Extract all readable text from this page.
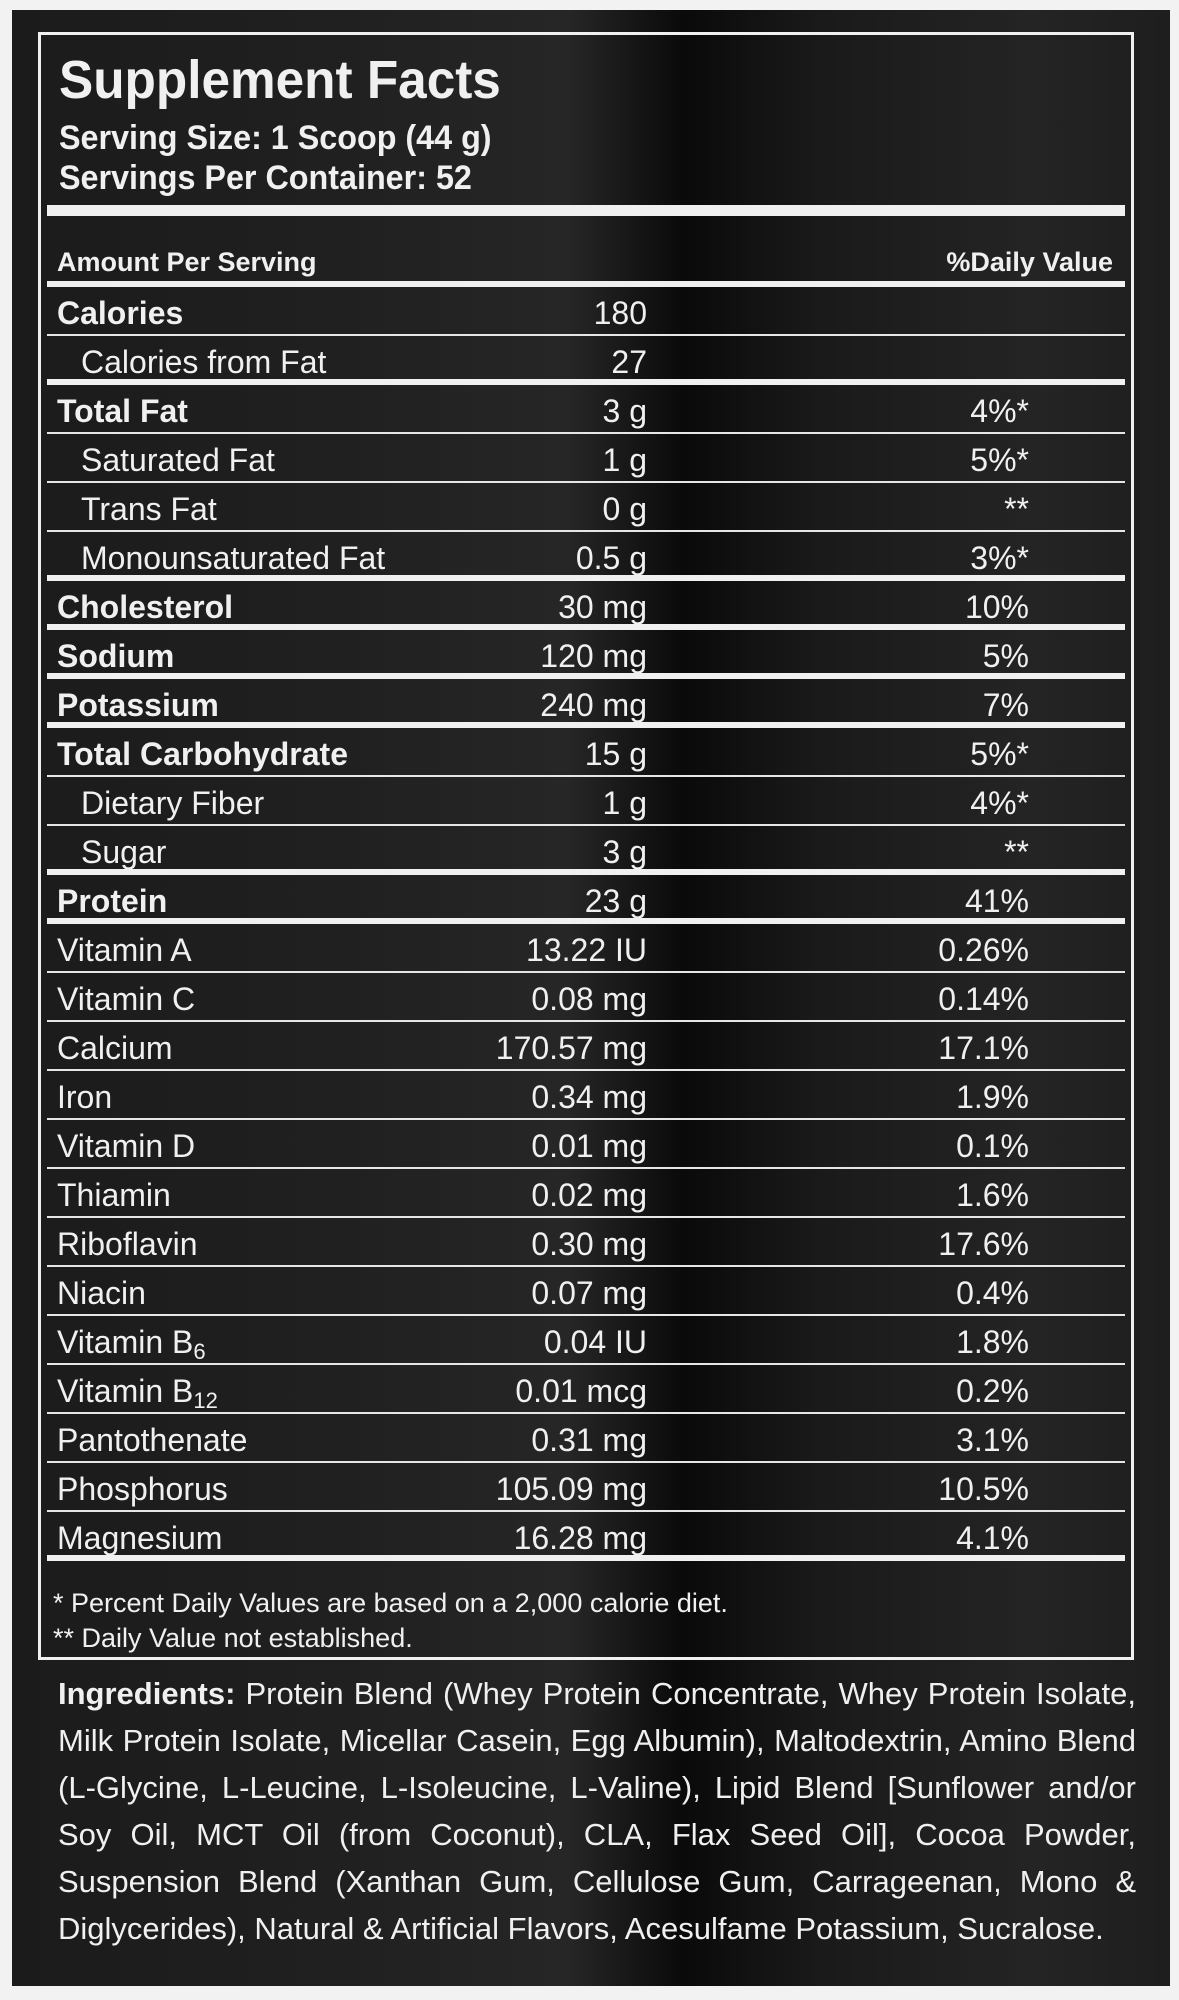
Supplement Facts
Serving Size: 1 Scoop (44 g)
Servings Per Container: 52
Amount Per Serving	%Daily Value
Calories	180
Calories from Fat	27
Total Fat	3 g	4%*
Saturated Fat	1 g	5%*
Trans Fat	0 g	**
Monounsaturated Fat	0.5 g	3%*
Cholesterol	30 mg	10%
Sodium	120 mg	5%
Potassium	240 mg	7%
Total Carbohydrate	15 g	5%*
Dietary Fiber	1 g	4%*
Sugar	3 g	**
Protein	23 g	41%
Vitamin A	13.22 IU	0.26%
Vitamin C	0.08 mg	0.14%
Calcium	170.57 mg	17.1%
Iron	0.34 mg	1.9%
Vitamin D	0.01 mg	0.1%
Thiamin	0.02 mg	1.6%
Riboflavin	0.30 mg	17.6%
Niacin	0.07 mg	0.4%
Vitamin $B_6$	0.04 IU	1.8%
Vitamin $B_{12}$	0.01 mcg	0.2%
Pantothenate	0.31 mg	3.1%
Phosphorus	105.09 mg	10.5%
Magnesium	16.28 mg	4.1%
* Percent Daily Values are based on a 2,000 calorie diet.
** Daily Value not established.
Ingredients: Protein Blend (Whey Protein Concentrate, Whey Protein Isolate, Milk Protein Isolate, Micellar Casein, Egg Albumin), Maltodextrin, Amino Blend (L-Glycine, L-Leucine, L-Isoleucine, L-Valine), Lipid Blend [Sunflower and/or Soy Oil, MCT Oil (from Coconut), CLA, Flax Seed Oil], Cocoa Powder, Suspension Blend (Xanthan Gum, Cellulose Gum, Carrageenan, Mono & Diglycerides), Natural & Artificial Flavors, Acesulfame Potassium, Sucralose.
